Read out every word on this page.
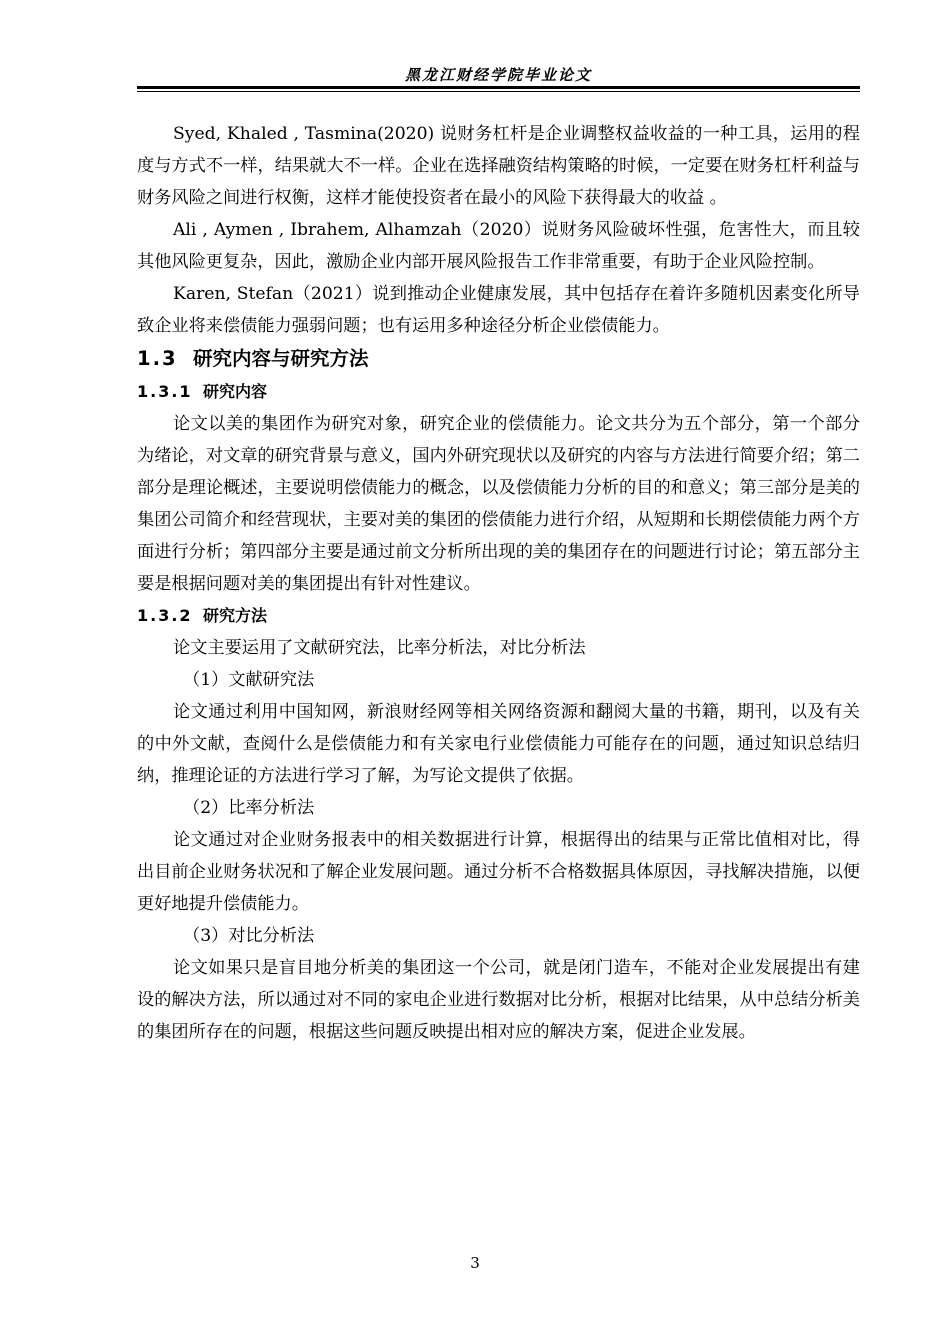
黑龙江财经学院毕业论文

Syed, Khaled , Tasmina(2020) 说财务杠杆是企业调整权益收益的一种工具，运用的程度与方式不一样，结果就大不一样。企业在选择融资结构策略的时候，一定要在财务杠杆利益与财务风险之间进行权衡，这样才能使投资者在最小的风险下获得最大的收益 。

Ali , Aymen , Ibrahem, Alhamzah（2020）说财务风险破坏性强，危害性大，而且较其他风险更复杂，因此，激励企业内部开展风险报告工作非常重要，有助于企业风险控制。

Karen, Stefan（2021）说到推动企业健康发展，其中包括存在着许多随机因素变化所导致企业将来偿债能力强弱问题；也有运用多种途径分析企业偿债能力。

1.3 研究内容与研究方法
1.3.1 研究内容

论文以美的集团作为研究对象，研究企业的偿债能力。论文共分为五个部分，第一个部分为绪论，对文章的研究背景与意义，国内外研究现状以及研究的内容与方法进行简要介绍；第二部分是理论概述，主要说明偿债能力的概念，以及偿债能力分析的目的和意义；第三部分是美的集团公司简介和经营现状，主要对美的集团的偿债能力进行介绍，从短期和长期偿债能力两个方面进行分析；第四部分主要是通过前文分析所出现的美的集团存在的问题进行讨论；第五部分主要是根据问题对美的集团提出有针对性建议。

1.3.2 研究方法

论文主要运用了文献研究法，比率分析法，对比分析法

（1）文献研究法

论文通过利用中国知网，新浪财经网等相关网络资源和翻阅大量的书籍，期刊，以及有关的中外文献，查阅什么是偿债能力和有关家电行业偿债能力可能存在的问题，通过知识总结归纳，推理论证的方法进行学习了解，为写论文提供了依据。

（2）比率分析法

论文通过对企业财务报表中的相关数据进行计算，根据得出的结果与正常比值相对比，得出目前企业财务状况和了解企业发展问题。通过分析不合格数据具体原因，寻找解决措施，以便更好地提升偿债能力。

（3）对比分析法

论文如果只是盲目地分析美的集团这一个公司，就是闭门造车，不能对企业发展提出有建设的解决方法，所以通过对不同的家电企业进行数据对比分析，根据对比结果，从中总结分析美的集团所存在的问题，根据这些问题反映提出相对应的解决方案，促进企业发展。

3
